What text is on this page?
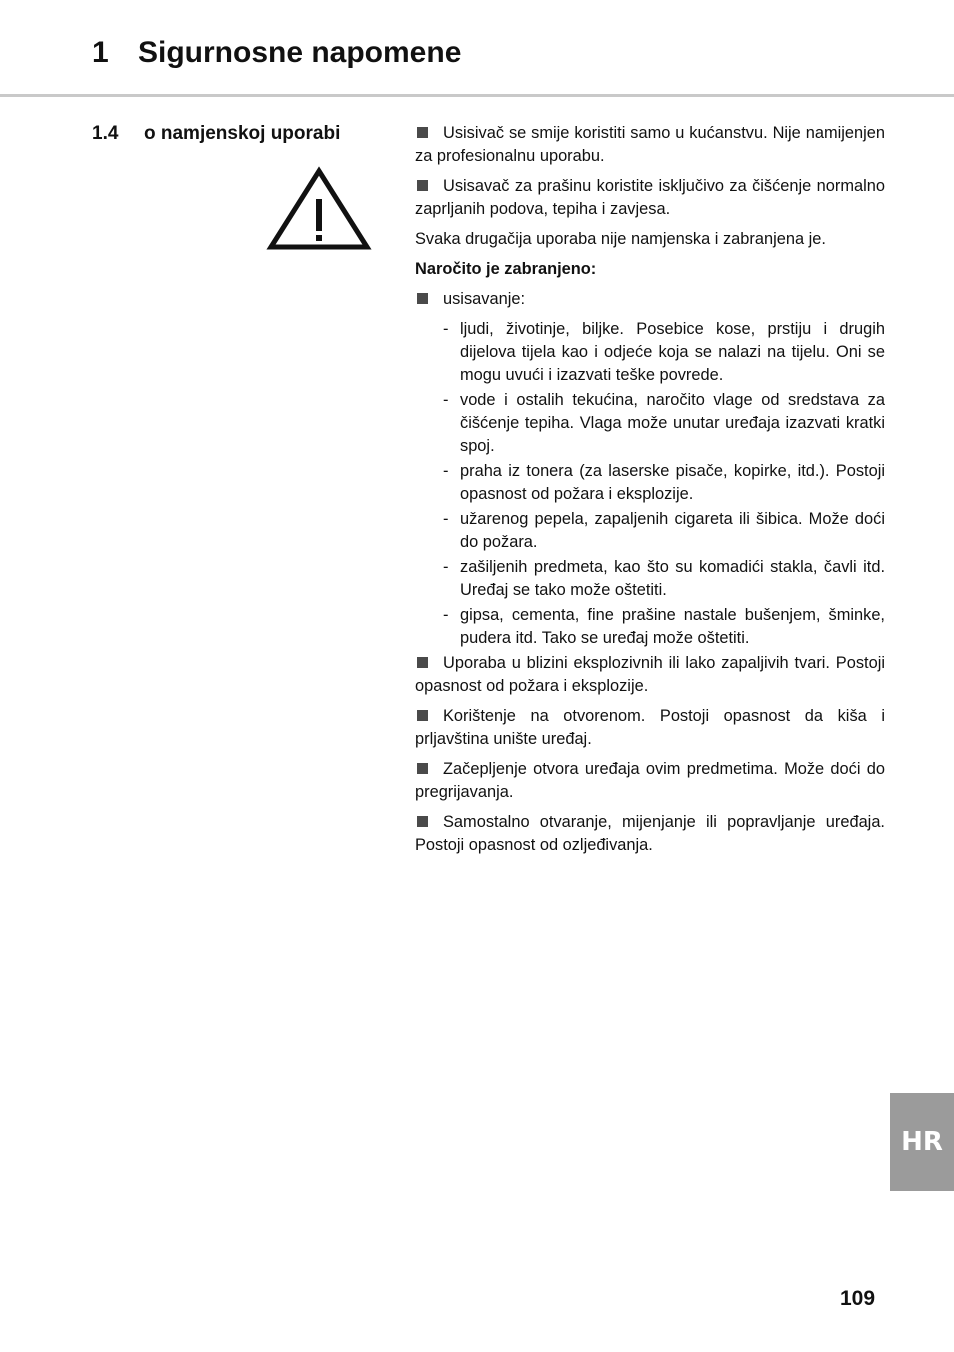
1 Sigurnosne napomene
1.4 o namjenskoj uporabi	Usisivač se smije koristiti samo u kućanstvu. Nije namijenjen za profesionalnu uporabu.

Usisavač za prašinu koristite isključivo za čišćenje normalno zaprljanih podova, tepiha i zavjesa.

Svaka drugačija uporaba nije namjenska i zabranjena je.

Naročito je zabranjeno:

usisavanje:

- ljudi, životinje, biljke. Posebice kose, prstiju i drugih dijelova tijela kao i odjeće koja se nalazi na tijelu. Oni se mogu uvući i izazvati teške povrede.
- vode i ostalih tekućina, naročito vlage od sredstava za čišćenje tepiha. Vlaga može unutar uređaja izazvati kratki spoj.
- praha iz tonera (za laserske pisače, kopirke, itd.). Postoji opasnost od požara i eksplozije.
- užarenog pepela, zapaljenih cigareta ili šibica. Može doći do požara.
- zašiljenih predmeta, kao što su komadići stakla, čavli itd. Uređaj se tako može oštetiti.
- gipsa, cementa, fine prašine nastale bušenjem, šminke, pudera itd. Tako se uređaj može oštetiti.

Uporaba u blizini eksplozivnih ili lako zapaljivih tvari. Postoji opasnost od požara i eksplozije.

Korištenje na otvorenom. Postoji opasnost da kiša i prljavština unište uređaj.

Začepljenje otvora uređaja ovim predmetima. Može doći do pregrijavanja.

Samostalno otvaranje, mijenjanje ili popravljanje uređaja. Postoji opasnost od ozljeđivanja.

HR
109
